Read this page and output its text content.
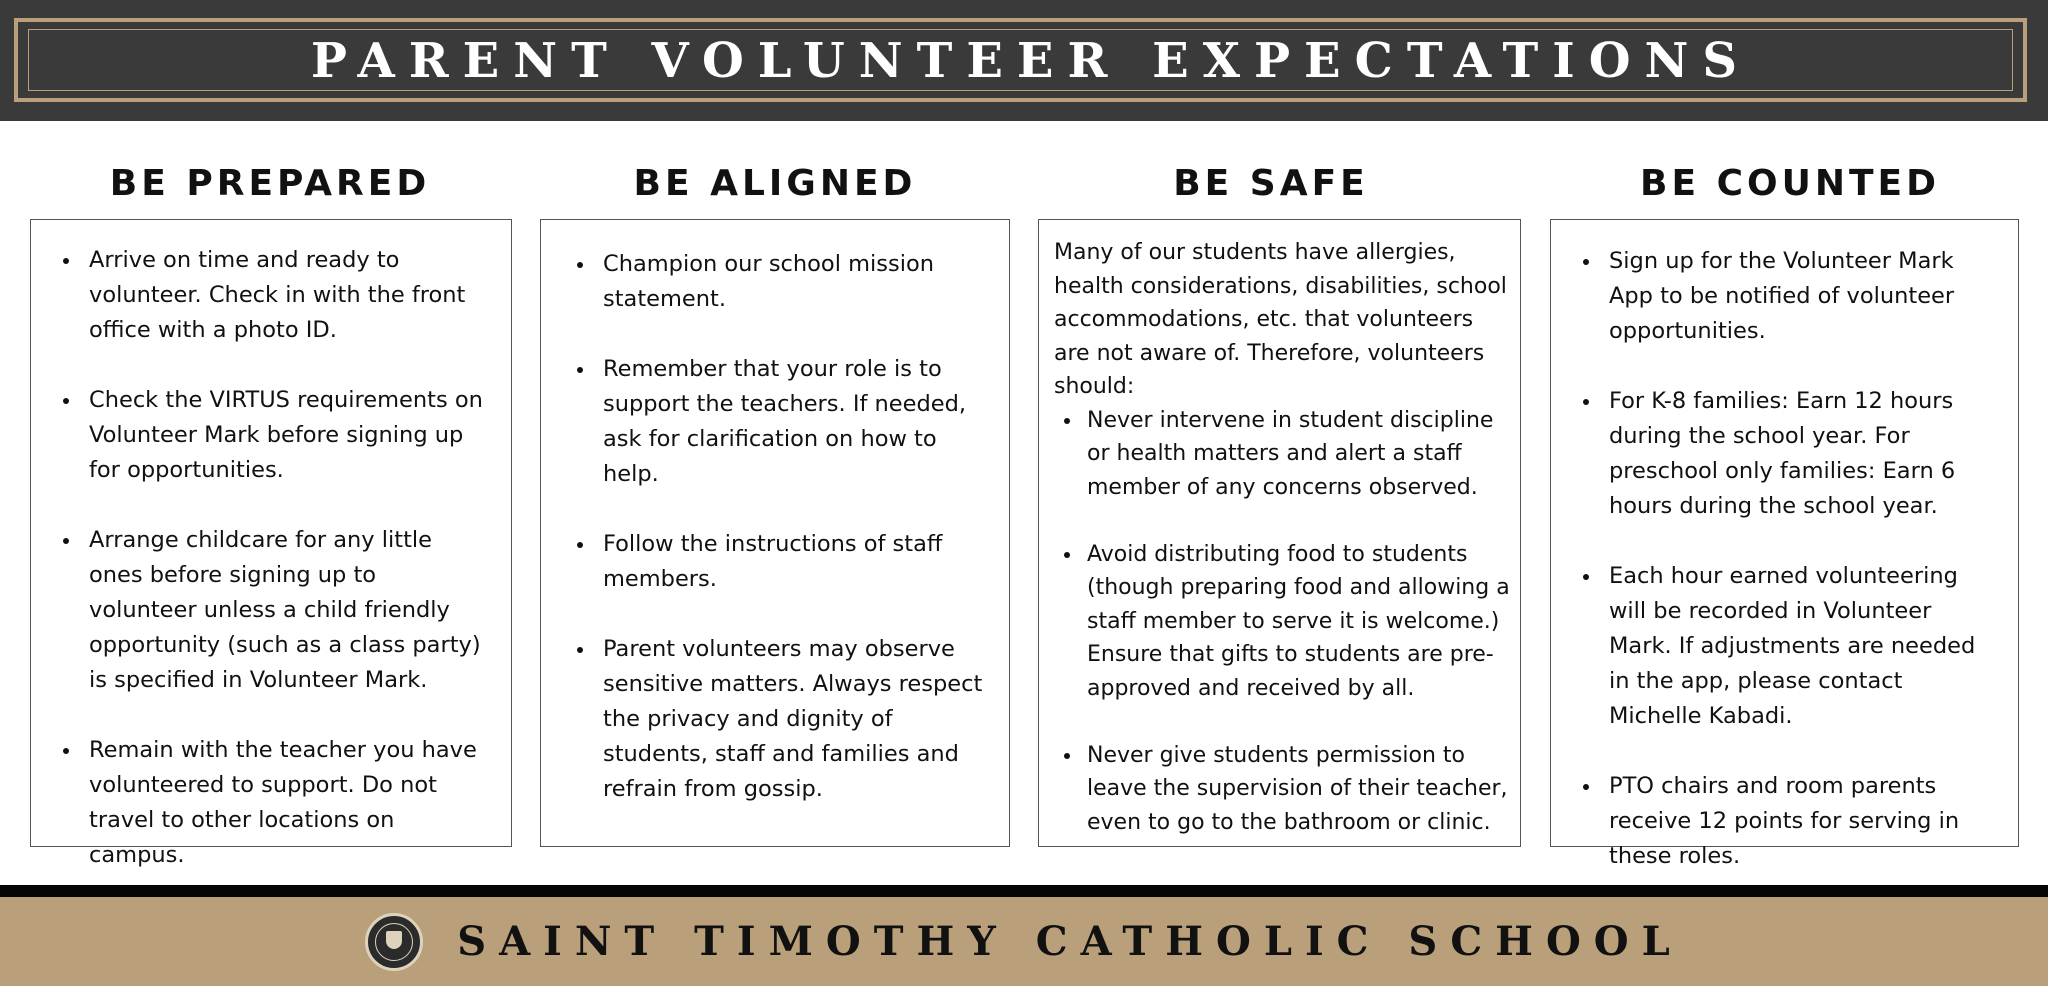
PARENT VOLUNTEER EXPECTATIONS
BE PREPARED
Arrive on time and ready to volunteer. Check in with the front office with a photo ID.
Check the VIRTUS requirements on Volunteer Mark before signing up for opportunities.
Arrange childcare for any little ones before signing up to volunteer unless a child friendly opportunity (such as a class party) is specified in Volunteer Mark.
Remain with the teacher you have volunteered to support. Do not travel to other locations on campus.
BE ALIGNED
Champion our school mission statement.
Remember that your role is to support the teachers. If needed, ask for clarification on how to help.
Follow the instructions of staff members.
Parent volunteers may observe sensitive matters. Always respect the privacy and dignity of students, staff and families and refrain from gossip.
BE SAFE
Many of our students have allergies, health considerations, disabilities, school accommodations, etc. that volunteers are not aware of. Therefore, volunteers should:
Never intervene in student discipline or health matters and alert a staff member of any concerns observed.
Avoid distributing food to students (though preparing food and allowing a staff member to serve it is welcome.) Ensure that gifts to students are pre-approved and received by all.
Never give students permission to leave the supervision of their teacher, even to go to the bathroom or clinic.
BE COUNTED
Sign up for the Volunteer Mark App to be notified of volunteer opportunities.
For K-8 families: Earn 12 hours during the school year. For preschool only families: Earn 6 hours during the school year.
Each hour earned volunteering will be recorded in Volunteer Mark. If adjustments are needed in the app, please contact Michelle Kabadi.
PTO chairs and room parents receive 12 points for serving in these roles.
SAINT TIMOTHY CATHOLIC SCHOOL
